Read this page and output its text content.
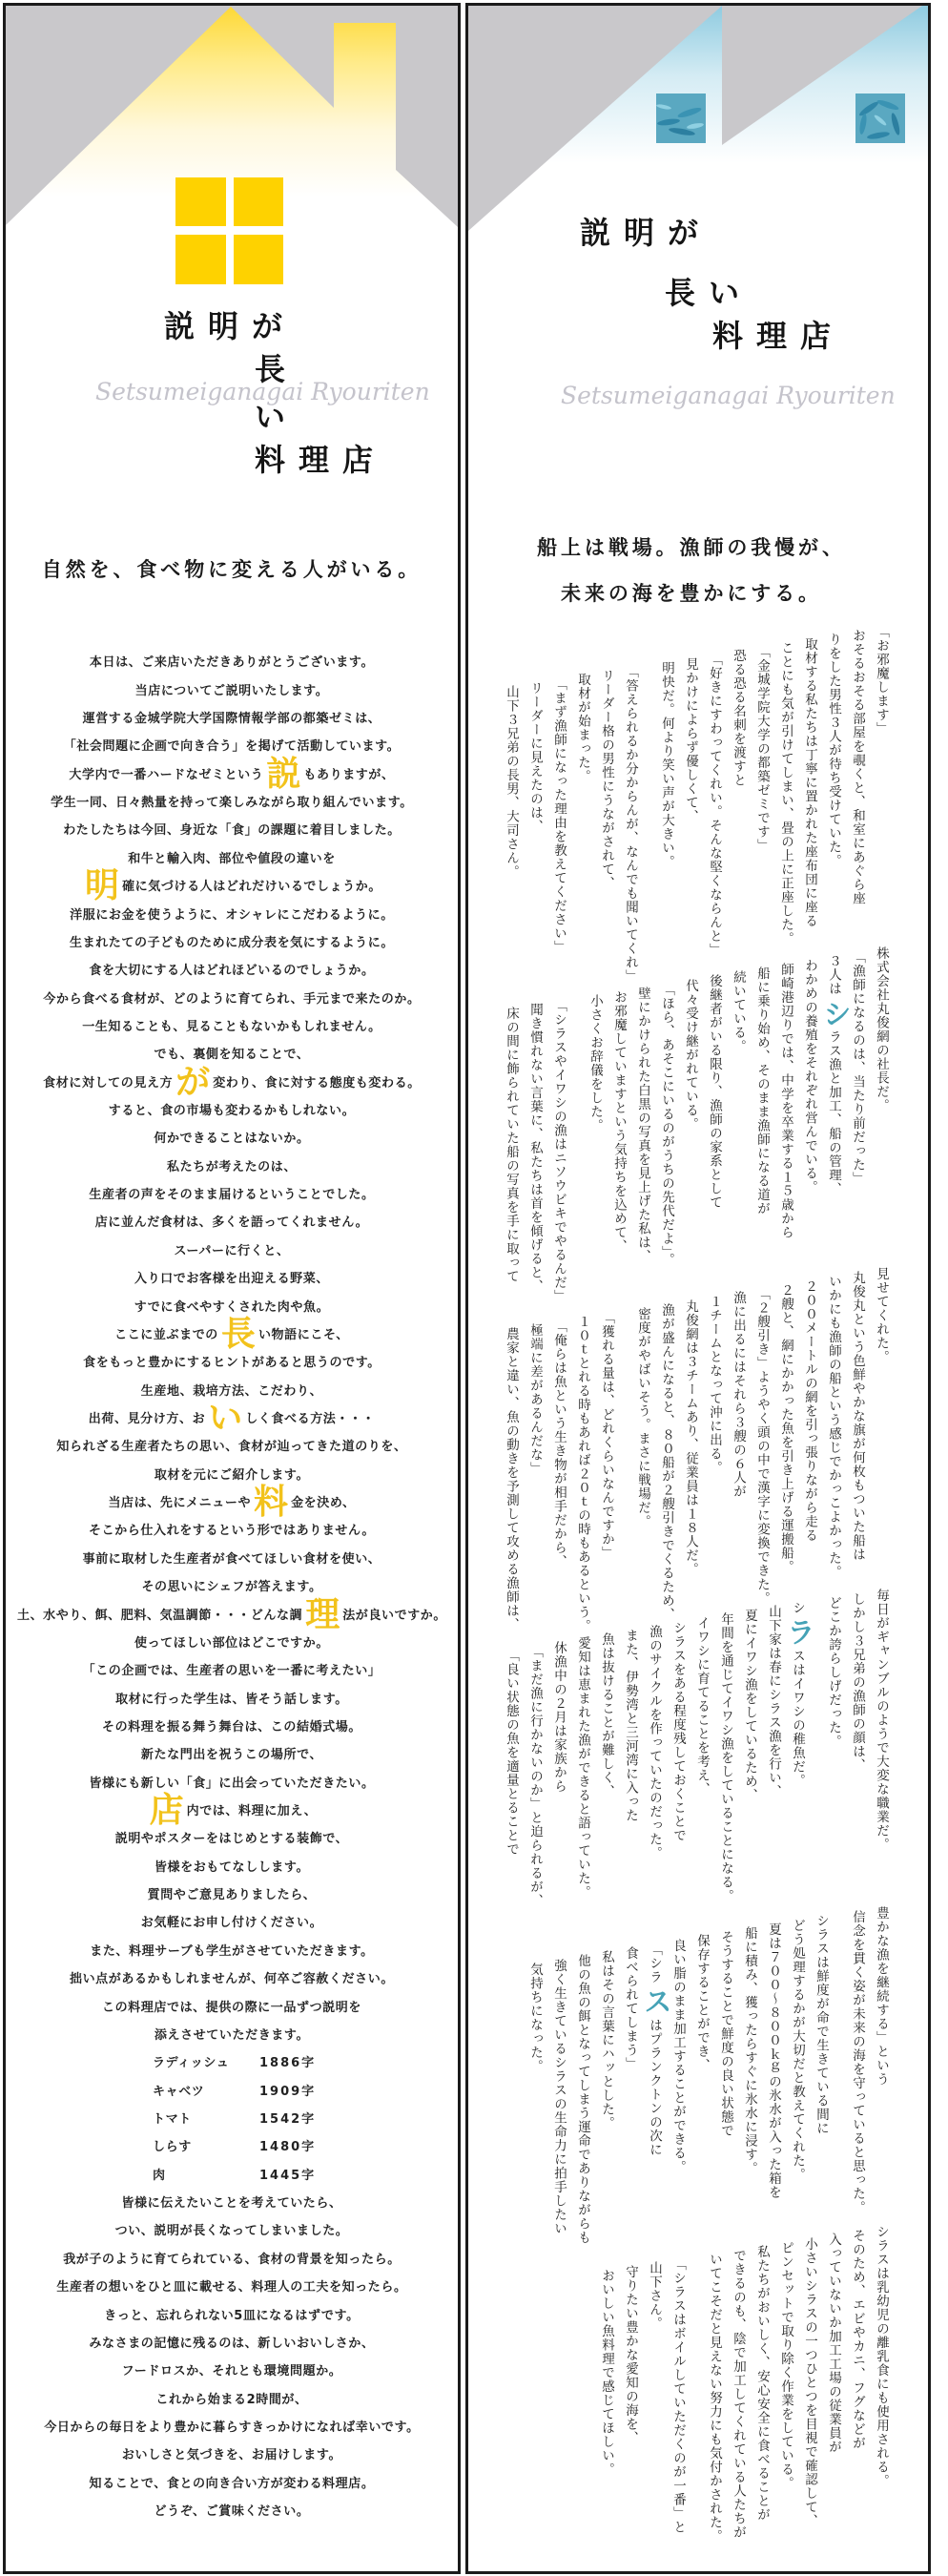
説明が
長
Setsumeiganagai Ryouriten
い
料理店
自然を、食べ物に変える人がいる。
本日は、ご来店いただきありがとうございます。
当店についてご説明いたします。
運営する金城学院大学国際情報学部の都築ゼミは、
「社会問題に企画で向き合う」を掲げて活動しています。
大学内で一番ハードなゼミという説 もありますが、
学生一同、日々熱量を持って楽しみながら取り組んでいます。
わたしたちは今回、身近な「食」の課題に着目しました。
和牛と輸入肉、部位や値段の違いを
明確に気づける人はどれだけいるでしょうか。
洋服にお金を使うように、オシャレにこだわるように。
生まれたての子どものために成分表を気にするように。
食を大切にする人はどれほどいるのでしょうか。
今から食べる食材が、どのように育てられ、手元まで来たのか。
一生知ることも、見ることもないかもしれません。
でも、裏側を知ることで、
食材に対しての見え方が 変わり、食に対する態度も変わる。
すると、食の市場も変わるかもしれない。
何かできることはないか。
私たちが考えたのは、
生産者の声をそのまま届けるということでした。
店に並んだ食材は、多くを語ってくれません。
スーパーに行くと、
入り口でお客様を出迎える野菜、
すでに食べやすくされた肉や魚。
ここに並ぶまでの長 い物語にこそ、
食をもっと豊かにするヒントがあると思うのです。
生産地、栽培方法、こだわり、
出荷、見分け方、おい しく食べる方法・・・
知られざる生産者たちの思い、食材が辿ってきた道のりを、
取材を元にご紹介します。
当店は、先にメニューや料 金を決め、
そこから仕入れをするという形ではありません。
事前に取材した生産者が食べてほしい食材を使い、
その思いにシェフが答えます。
土、水やり、餌、肥料、気温調節・・・どんな調理 法が良いですか。
使ってほしい部位はどこですか。
「この企画では、生産者の思いを一番に考えたい」
取材に行った学生は、皆そう話します。
その料理を振る舞う舞台は、この結婚式場。
新たな門出を祝うこの場所で、
皆様にも新しい「食」に出会っていただきたい。
店内では、料理に加え、
説明やポスターをはじめとする装飾で、
皆様をおもてなしします。
質問やご意見ありましたら、
お気軽にお申し付けください。
また、料理サーブも学生がさせていただきます。
拙い点があるかもしれませんが、何卒ご容赦ください。
この料理店では、提供の際に一品ずつ説明を
添えさせていただきます。
ラディッシュ 1886字
キャベツ	1909字
トマト	1542字
しらす	1480字
肉	1445字
皆様に伝えたいことを考えていたら、
つい、説明が長くなってしまいました。
我が子のように育てられている、食材の背景を知ったら。
生産者の想いをひと皿に載せる、料理人の工夫を知ったら。
きっと、忘れられない5皿になるはずです。
みなさまの記憶に残るのは、新しいおいしさか、
フードロスか、それとも環境問題か。
これから始まる2時間が、
今日からの毎日をより豊かに暮らすきっかけになれば幸いです。
おいしさと気づきを、お届けします。
知ることで、食との向き合い方が変わる料理店。
どうぞ、ご賞味ください。
説明が
長い
料理店
Setsumeiganagai Ryouriten
船上は戦場。漁師の我慢が、
未来の海を豊かにする。
「お邪魔します」
おそるおそる部屋を覗くと、和室にあぐら座
りをした男性３人が待ち受けていた。
取材する私たちは丁寧に置かれた座布団に座る
ことにも気が引けてしまい、畳の上に正座した。
「金城学院大学の都築ゼミです」
恐る恐る名刺を渡すと
「好きにすわってくれい。そんな堅くならんと」
見かけによらず優しくて、
明快だ。何より笑い声が大きい。
「答えられるか分からんが、なんでも聞いてくれ」
リーダー格の男性にうながされて、
取材が始まった。
「まず漁師になった理由を教えてください」
リーダーに見えたのは、
山下３兄弟の長男、大司さん。
株式会社丸俊網の社長だ。
「漁師になるのは、当たり前だった」
３人はシラス漁と加工、船の管理、
わかめの養殖をそれぞれ営んでいる。
師崎港辺りでは、中学を卒業する１５歳から
船に乗り始め、そのまま漁師になる道が
続いている。
後継者がいる限り、漁師の家系として
代々受け継がれている。
「ほら、あそこにいるのがうちの先代だよ」。
壁にかけられた白黒の写真を見上げた私は、
お邪魔していますという気持ちを込めて、
小さくお辞儀をした。
「シラスやイワシの漁はニソウビキでやるんだ」
聞き慣れない言葉に、私たちは首を傾げると、
床の間に飾られていた船の写真を手に取って
見せてくれた。
丸俊丸という色鮮やかな旗が何枚もついた船は
いかにも漁師の船という感じでかっこよかった。
２００メートルの網を引っ張りながら走る
２艘と、網にかかった魚を引き上げる運搬船。
「２艘引き」ようやく頭の中で漢字に変換できた。
漁に出るにはそれら３艘の６人が
１チームとなって沖に出る。
丸俊網は３チームあり、従業員は１８人だ。
漁が盛んになると、８０船が２艘引きでくるため、
密度がやばいそう。まさに戦場だ。
「獲れる量は、どれくらいなんですか」
１０ｔとれる時もあれば２０ｔの時もあるという。
「俺らは魚という生き物が相手だから、
極端に差があるんだな」
農家と違い、魚の動きを予測して攻める漁師は、
毎日がギャンブルのようで大変な職業だ。
しかし３兄弟の漁師の顔は、
どこか誇らしげだった。
シラスはイワシの稚魚だ。
山下家は春にシラス漁を行い、
夏にイワシ漁をしているため、
年間を通じてイワシ漁をしていることになる。
イワシに育てることを考え、
シラスをある程度残しておくことで
漁のサイクルを作っていたのだった。
また、伊勢湾と三河湾に入った
魚は抜けることが難しく、
愛知は恵まれた漁ができると語っていた。
休漁中の２月は家族から
「まだ漁に行かないのか」と迫られるが、
「良い状態の魚を適量とることで
豊かな漁を継続する」という
信念を貫く姿が未来の海を守っていると思った。
シラスは鮮度が命で生きている間に
どう処理するかが大切だと教えてくれた。
夏は７００～８００ｋｇの氷水が入った箱を
船に積み、獲ったらすぐに氷水に浸す。
そうすることで鮮度の良い状態で
保存することができ、
良い脂のまま加工することができる。
「シラスはプランクトンの次に
食べられてしまう」
私はその言葉にハッとした。
他の魚の餌となってしまう運命でありながらも
強く生きているシラスの生命力に拍手したい
気持ちになった。
シラスは乳幼児の離乳食にも使用される。
そのため、エビやカニ、フグなどが
入っていないか加工工場の従業員が
小さいシラスの一つひとつを目視で確認して、
ピンセットで取り除く作業をしている。
私たちがおいしく、安心安全に食べることが
できるのも、陰で加工してくれている人たちが
いてこそだと見えない努力にも気付かされた。
「シラスはボイルしていただくのが一番」と
山下さん。
守りたい豊かな愛知の海を、
おいしい魚料理で感じてほしい。
